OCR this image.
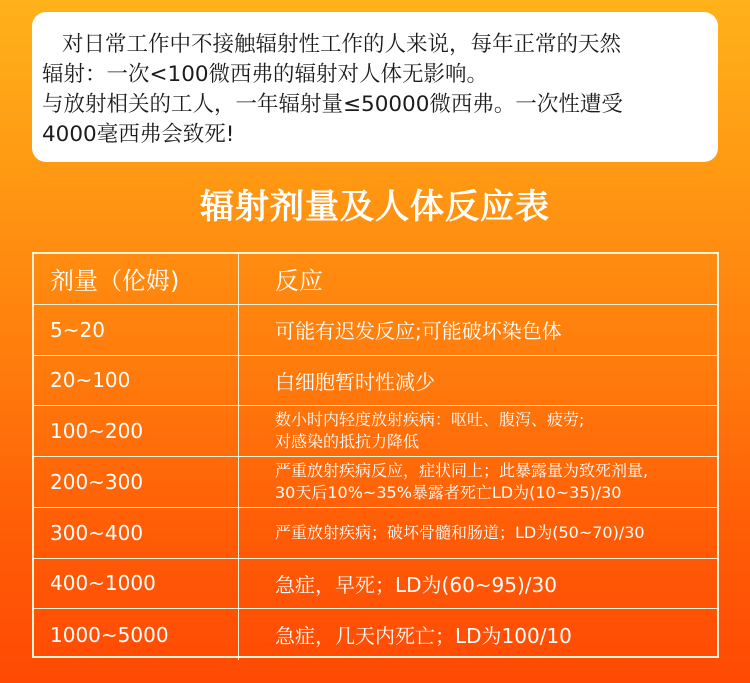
对日常工作中不接触辐射性工作的人来说，每年正常的天然
辐射：一次<100微西弗的辐射对人体无影响。
与放射相关的工人，一年辐射量≤50000微西弗。一次性遭受
4000毫西弗会致死!
辐射剂量及人体反应表
剂量（伦姆)	反应
5~20	可能有迟发反应;可能破坏染色体
20~100	白细胞暂时性减少
100~200	数小时内轻度放射疾病：呕吐、腹泻、疲劳;
对感染的抵抗力降低
200~300	严重放射疾病反应，症状同上；此暴露量为致死剂量,
30天后10%~35%暴露者死亡LD为(10~35)/30
300~400	严重放射疾病；破坏骨髓和肠道；LD为(50~70)/30
400~1000	急症，早死；LD为(60~95)/30
1000~5000	急症，几天内死亡；LD为100/10
